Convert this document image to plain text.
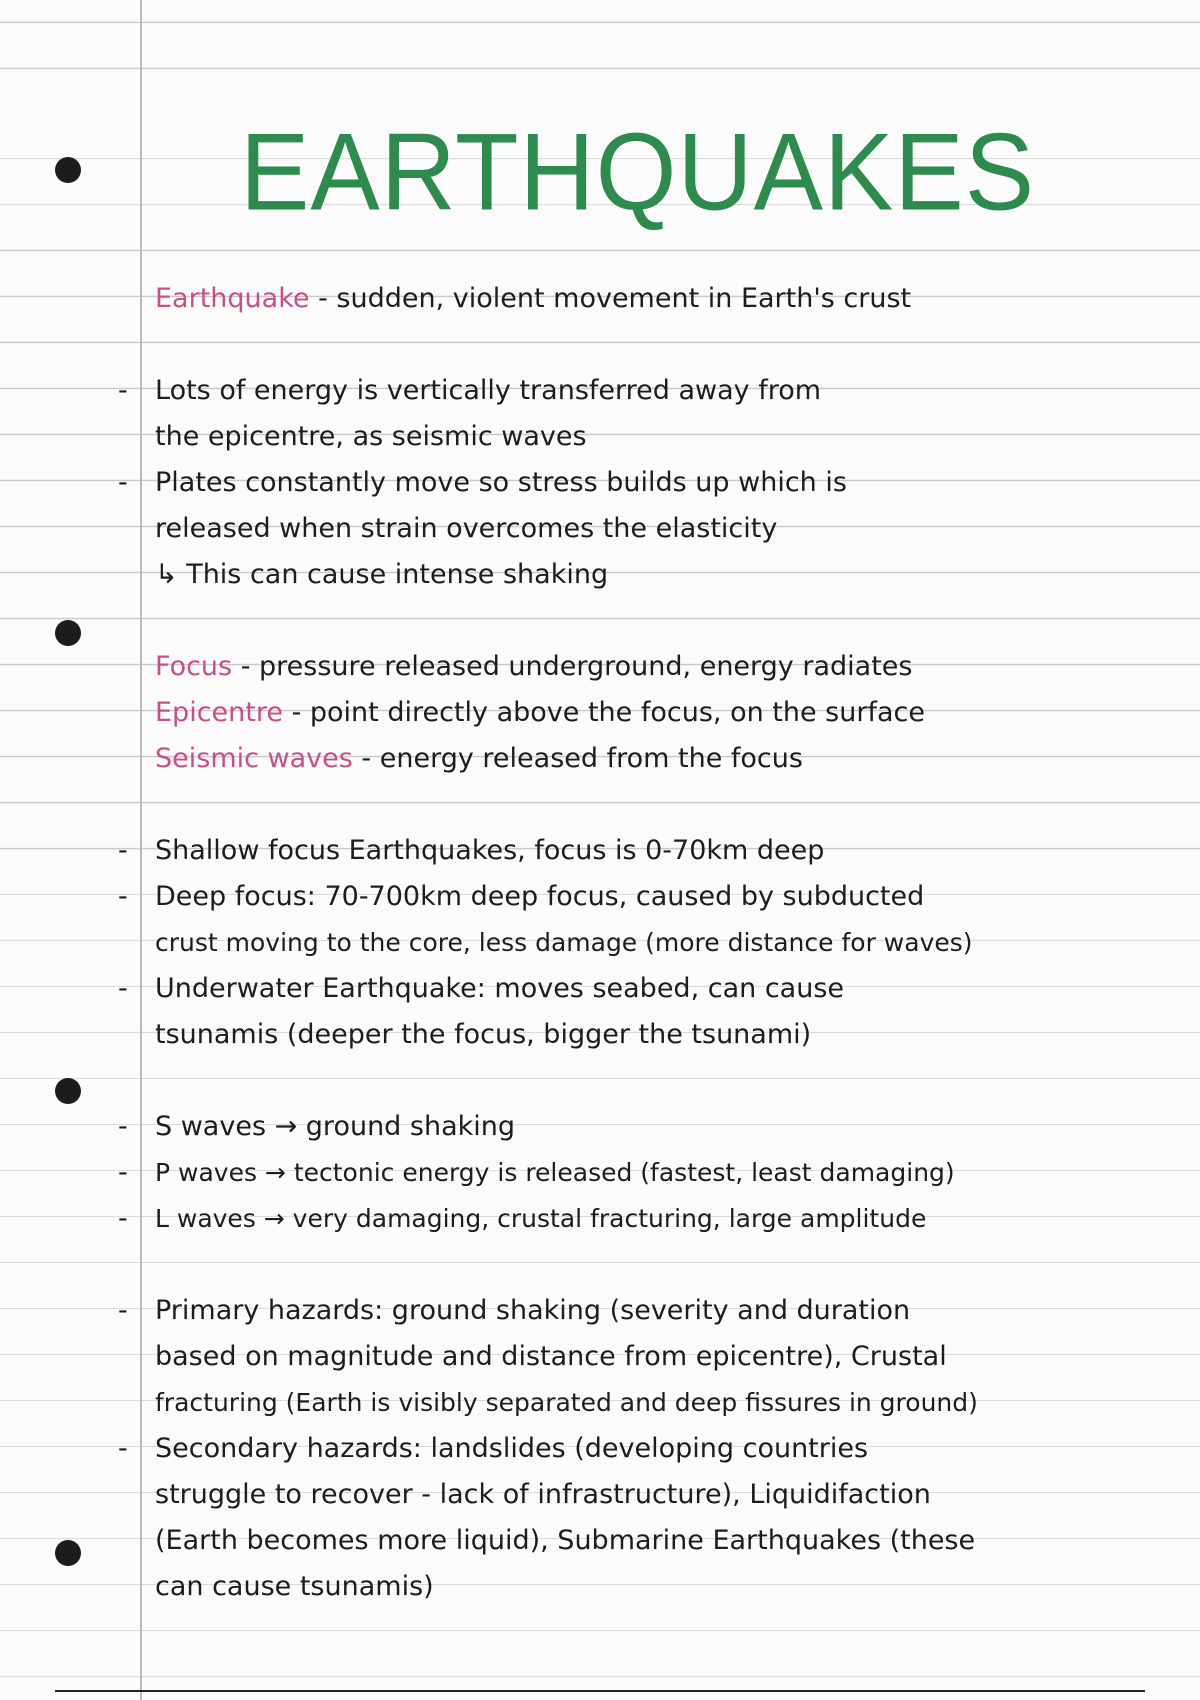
EARTHQUAKES
Earthquake - sudden, violent movement in Earth's crust
- Lots of energy is vertically transferred away from
the epicentre, as seismic waves
- Plates constantly move so stress builds up which is
released when strain overcomes the elasticity
↳ This can cause intense shaking
Focus - pressure released underground, energy radiates
Epicentre - point directly above the focus, on the surface
Seismic waves - energy released from the focus
- Shallow focus Earthquakes, focus is 0-70km deep
- Deep focus: 70-700km deep focus, caused by subducted
crust moving to the core, less damage (more distance for waves)
- Underwater Earthquake: moves seabed, can cause
tsunamis (deeper the focus, bigger the tsunami)
- S waves → ground shaking
- P waves → tectonic energy is released (fastest, least damaging)
- L waves → very damaging, crustal fracturing, large amplitude
- Primary hazards: ground shaking (severity and duration
based on magnitude and distance from epicentre), Crustal
fracturing (Earth is visibly separated and deep fissures in ground)
- Secondary hazards: landslides (developing countries
struggle to recover - lack of infrastructure), Liquidifaction
(Earth becomes more liquid), Submarine Earthquakes (these
can cause tsunamis)
